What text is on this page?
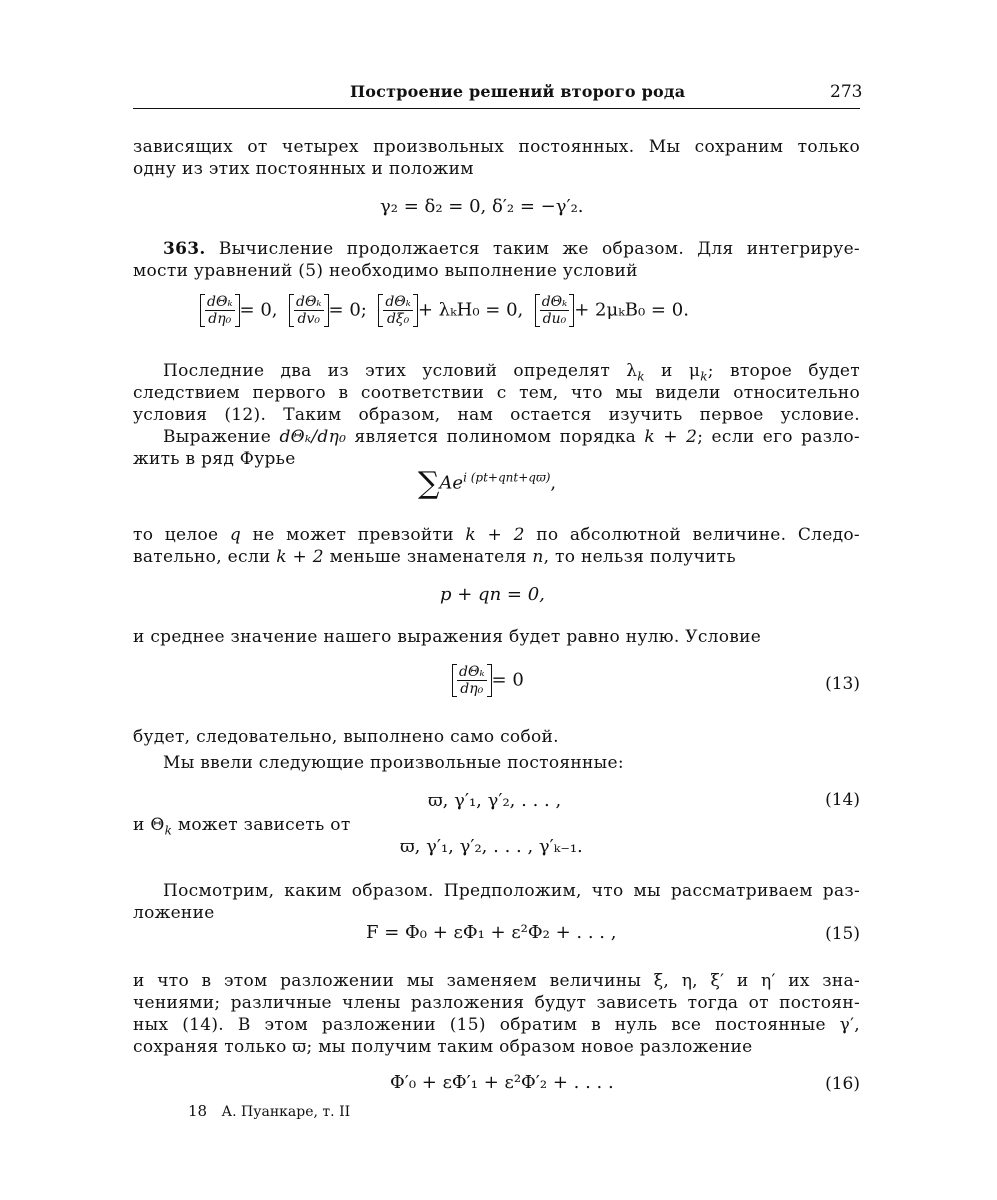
Построение решений второго рода	273
зависящих от четырех произвольных постоянных. Мы сохраним только
одну из этих постоянных и положим
γ₂ = δ₂ = 0, δ′₂ = −γ′₂.
363. Вычисление продолжается таким же образом. Для интегрируе-
мости уравнений (5) необходимо выполнение условий
$\frac{\text{dΘₖ}}{\text{dη₀}} = 0$, $\frac{\text{dΘₖ}}{\text{dv₀}} = 0$; $\frac{\text{dΘₖ}}{\text{dξ₀}} + \lambda_kH_0 = 0$, $\frac{\text{dΘₖ}}{\text{du₀}} + 2\mu_kB_0 = 0$.
Последние два из этих условий определят $\lambda_k$ и $\mu_k$; второе будет
следствием первого в соответствии с тем, что мы видели относительно
условия (12). Таким образом, нам остается изучить первое условие.
Выражение dΘₖ/dη₀ является полиномом порядка k + 2; если его разло-
жить в ряд Фурье
$\sum Ae^{i (pt+qnt+qϖ)}$,
то целое q не может превзойти k + 2 по абсолютной величине. Следо-
вательно, если k + 2 меньше знаменателя n, то нельзя получить
p + qn = 0,
и среднее значение нашего выражения будет равно нулю. Условие
$\frac{\text{dΘₖ}}{\text{dη₀}} = 0$	(13)
будет, следовательно, выполнено само собой.
Мы ввели следующие произвольные постоянные:
ϖ, γ′₁, γ′₂, . . . ,	(14)
и $\Theta_k$ может зависеть от
ϖ, γ′₁, γ′₂, . . . , γ′ₖ₋₁.
Посмотрим, каким образом. Предположим, что мы рассматриваем раз-
ложение
F = Φ₀ + εΦ₁ + ε²Φ₂ + . . . ,	(15)
и что в этом разложении мы заменяем величины ξ, η, ξ′ и η′ их зна-
чениями; различные члены разложения будут зависеть тогда от постоян-
ных (14). В этом разложении (15) обратим в нуль все постоянные γ′,
сохраняя только ϖ; мы получим таким образом новое разложение
Φ′₀ + εΦ′₁ + ε²Φ′₂ + . . . .	(16)
18 А. Пуанкаре, т. II
